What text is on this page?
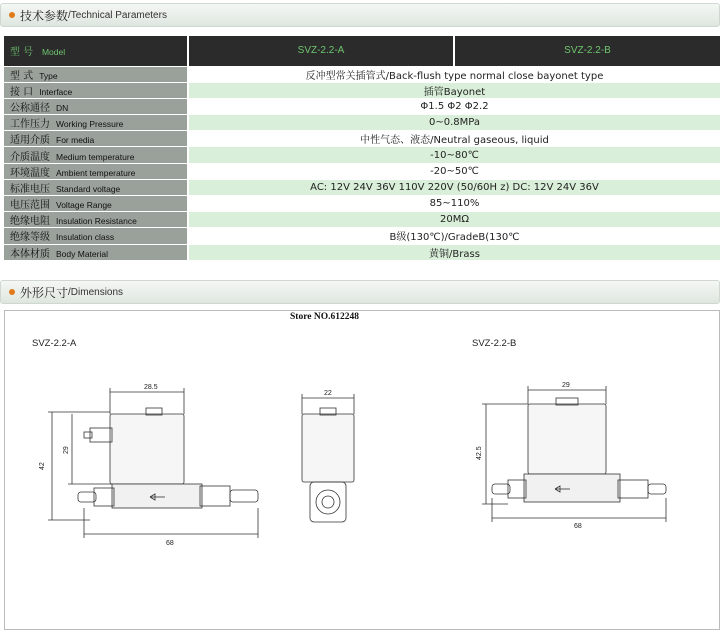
技术参数 /Technical Parameters
型 号 Model	SVZ-2.2-A	SVZ-2.2-B
型 式 Type	反冲型常关插管式/Back-flush type normal close bayonet type	
接 口 Interface	插管Bayonet	
公称通径 DN	Φ1.5 Φ2 Φ2.2	
工作压力 Working Pressure	0~0.8MPa	
适用介质 For media	中性气态、液态/Neutral gaseous, liquid	
介质温度 Medium temperature	-10~80℃	
环境温度 Ambient temperature	-20~50℃	
标准电压 Standard voltage	AC: 12V 24V 36V 110V 220V (50/60H z) DC: 12V 24V 36V	
电压范围 Voltage Range	85~110%	
绝缘电阻 Insulation Resistance	20MΩ	
绝缘等级 Insulation class	B级(130℃)/GradeB(130℃	
本体材质 Body Material	黄铜/Brass	
外形尺寸 /Dimensions
Store NO.612248
SVZ-2.2-A	SVZ-2.2-B
28.5
42
29
68
22
29
42.5
68
